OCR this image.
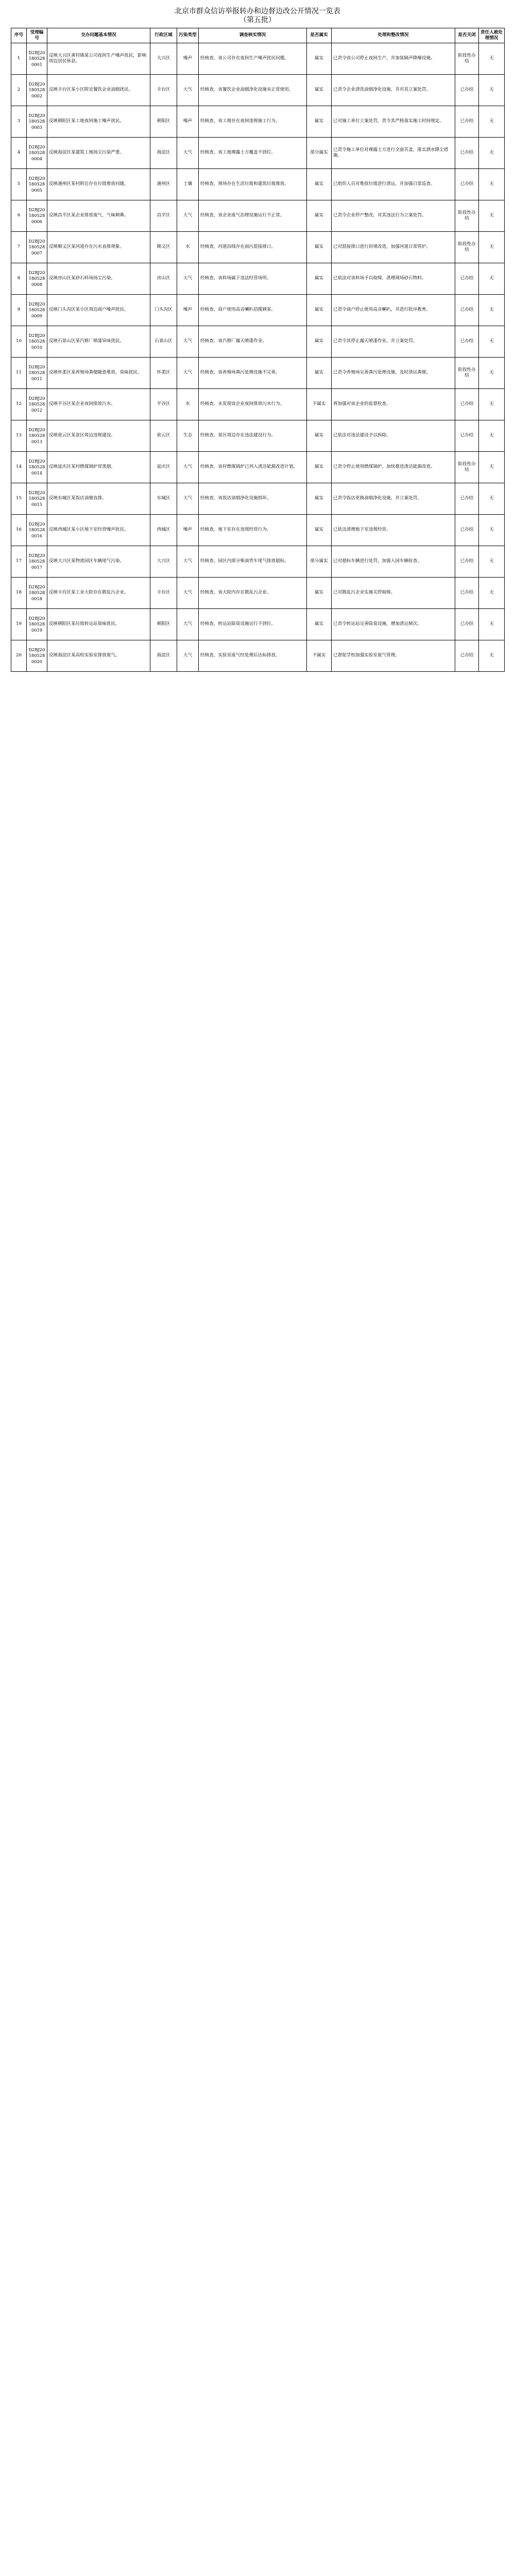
北京市群众信访举报转办和边督边改公开情况一览表
（第五批）
序号	受理编号	交办问题基本情况	行政区域	污染类型	调查核实情况	是否属实	处理和整改情况	是否关闭	责任人被处理情况
1	D2BJ201805280001	反映大兴区黄村镇某公司夜间生产噪声扰民，影响周边居民休息。	大兴区	噪声	经核查，该公司存在夜间生产噪声扰民问题。	属实	已责令该公司停止夜间生产，并加装隔声降噪设施。	阶段性办结	无
2	D2BJ201805280002	反映丰台区某小区附近餐饮企业油烟扰民。	丰台区	大气	经核查，该餐饮企业油烟净化设施未正常使用。	属实	已责令企业清洗油烟净化设施，并对其立案处罚。	已办结	无
3	D2BJ201805280003	反映朝阳区某工地夜间施工噪声扰民。	朝阳区	噪声	经核查，该工地存在夜间违规施工行为。	属实	已对施工单位立案处罚，责令其严格落实施工时间规定。	已办结	无
4	D2BJ201805280004	反映海淀区某建筑工地扬尘污染严重。	海淀区	大气	经核查，该工地裸露土方覆盖不到位。	部分属实	已责令施工单位对裸露土方进行全面苫盖，落实洒水降尘措施。	已办结	无
5	D2BJ201805280005	反映通州区某村附近存在垃圾堆放问题。	通州区	土壤	经核查，现场存在生活垃圾和建筑垃圾堆放。	属实	已组织人员对堆放垃圾进行清运，并加强日常巡查。	已办结	无
6	D2BJ201805280006	反映昌平区某企业排放废气，气味刺鼻。	昌平区	大气	经核查，该企业废气治理设施运行不正常。	属实	已责令企业停产整改，对其违法行为立案处罚。	阶段性办结	无
7	D2BJ201805280007	反映顺义区某河道存在污水直排现象。	顺义区	水	经核查，河道沿线存在雨污混接排口。	属实	已对混接排口进行封堵改造，加强河道日常管护。	阶段性办结	无
8	D2BJ201805280008	反映房山区某砂石料场扬尘污染。	房山区	大气	经核查，该料场属于违法经营场所。	属实	已依法对该料场予以取缔，清理现场砂石物料。	已办结	无
9	D2BJ201805280009	反映门头沟区某小区周边商户噪声扰民。	门头沟区	噪声	经核查，商户使用高音喇叭招揽顾客。	属实	已责令商户停止使用高音喇叭，并进行批评教育。	已办结	无
10	D2BJ201805280010	反映石景山区某汽修厂喷漆异味扰民。	石景山区	大气	经核查，该汽修厂露天喷漆作业。	属实	已责令其停止露天喷漆作业，并立案处罚。	已办结	无
11	D2BJ201805280011	反映怀柔区某养殖场粪便随意堆放，臭味扰民。	怀柔区	大气	经核查，该养殖场粪污处理设施不完善。	属实	已责令养殖场完善粪污处理设施，及时清运粪便。	阶段性办结	无
12	D2BJ201805280012	反映平谷区某企业夜间排放污水。	平谷区	水	经核查，未发现该企业夜间排放污水行为。	不属实	将加强对该企业的监督检查。	已办结	无
13	D2BJ201805280013	反映密云区某景区周边违规建设。	密云区	生态	经核查，景区周边存在违法建设行为。	属实	已依法对违法建设予以拆除。	已办结	无
14	D2BJ201805280014	反映延庆区某村燃煤锅炉冒黑烟。	延庆区	大气	经核查，该村燃煤锅炉已列入清洁能源改造计划。	属实	已责令停止使用燃煤锅炉，加快推进清洁能源改造。	阶段性办结	无
15	D2BJ201805280015	反映东城区某饭店油烟直排。	东城区	大气	经核查，该饭店油烟净化设施损坏。	属实	已责令饭店更换油烟净化设施，并立案处罚。	已办结	无
16	D2BJ201805280016	反映西城区某小区地下室经营噪声扰民。	西城区	噪声	经核查，地下室存在违规经营行为。	属实	已依法清理地下室违规经营。	已办结	无
17	D2BJ201805280017	反映大兴区某物流园区车辆尾气污染。	大兴区	大气	经核查，园区内部分柴油货车尾气排放超标。	部分属实	已对超标车辆进行处罚，加强入园车辆检查。	已办结	无
18	D2BJ201805280018	反映丰台区某工业大院存在散乱污企业。	丰台区	大气	经核查，该大院内存在散乱污企业。	属实	已对散乱污企业实施关停取缔。	已办结	无
19	D2BJ201805280019	反映朝阳区某垃圾转运站臭味扰民。	朝阳区	大气	经核查，转运站除臭设施运行不到位。	属实	已责令转运站完善除臭设施，增加清运频次。	已办结	无
20	D2BJ201805280020	反映海淀区某高校实验室排放废气。	海淀区	大气	经核查，实验室废气经处理后达标排放。	不属实	已督促学校加强实验室废气管理。	已办结	无
